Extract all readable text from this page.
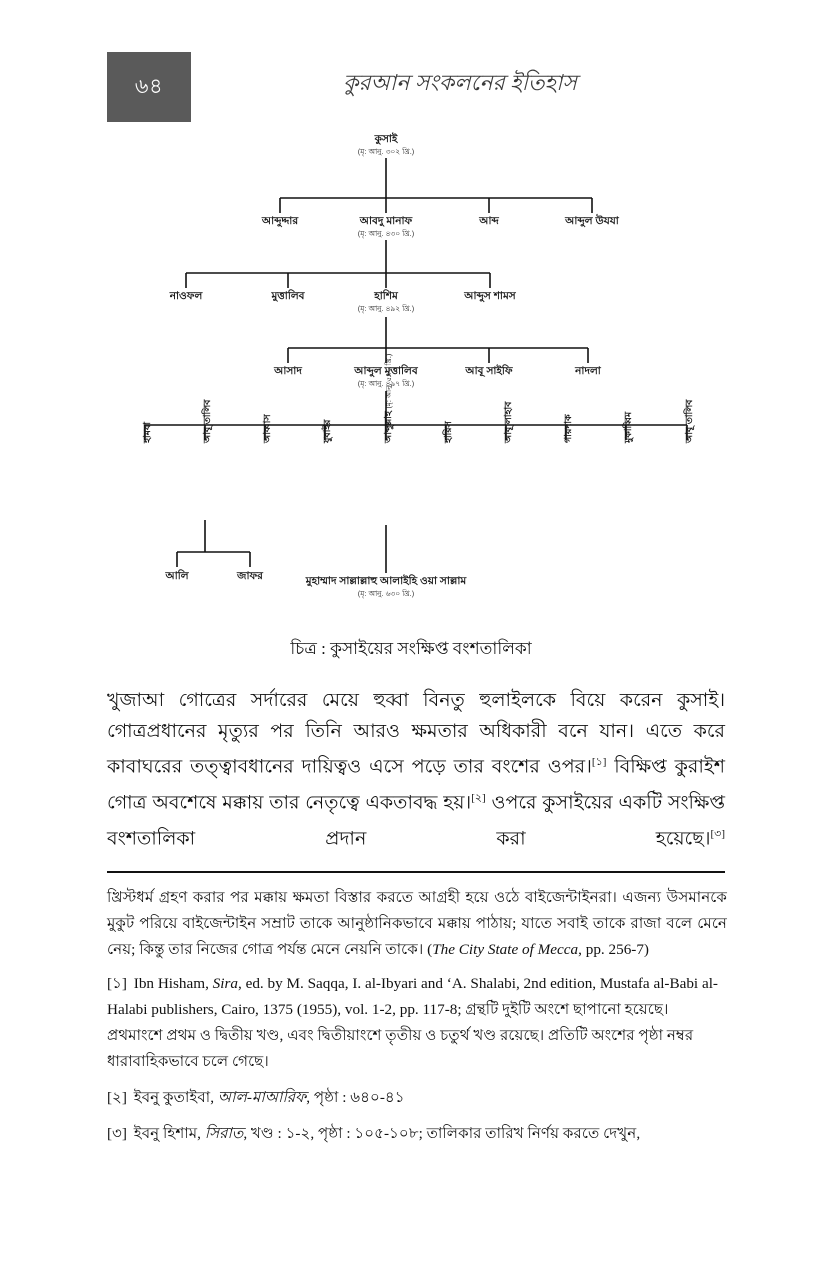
৬৪	কুরআন সংকলনের ইতিহাস
কুসাই
(মৃ: আনু. ৩০২ খ্রি.)
আব্দুদ্দার	আবদু মানাফ
(মৃ: আনু. ৪৩০ খ্রি.)
আব্দ	আব্দুল উযযা
নাওফল	মুত্তালিব	হাশিম
(মৃ: আনু. ৪৯২ খ্রি.)
আব্দুস শামস
আসাদ	আব্দুল মুত্তালিব
(মৃ: আনু. ৪৯৭ খ্রি.)
আবূ সাইফি	নাদলা
হামযা	আবূ তালিব	আব্বাস	যুবাইর	আব্দুল্লাহ (মৃ: আনু. ৫৭০ খ্রি.)
হারিস	আবূ লাহাব	গায়দাক	মুকাব্বিম	আবূ তালিব
আলি	জাফর	মুহাম্মাদ সাল্লাল্লাহু আলাইহি ওয়া সাল্লাম
(মৃ: আনু. ৬৩০ খ্রি.)
চিত্র : কুসাইয়ের সংক্ষিপ্ত বংশতালিকা

খুজাআ গোত্রের সর্দারের মেয়ে হুব্বা বিনতু হুলাইলকে বিয়ে করেন কুসাই। গোত্রপ্রধানের মৃত্যুর পর তিনি আরও ক্ষমতার অধিকারী বনে যান। এতে করে কাবাঘরের তত্ত্বাবধানের দায়িত্বও এসে পড়ে তার বংশের ওপর।[১] বিক্ষিপ্ত কুরাইশ গোত্র অবশেষে মক্কায় তার নেতৃত্বে একতাবদ্ধ হয়।[২] ওপরে কুসাইয়ের একটি সংক্ষিপ্ত বংশতালিকা প্রদান করা হয়েছে।[৩]

খ্রিস্টধর্ম গ্রহণ করার পর মক্কায় ক্ষমতা বিস্তার করতে আগ্রহী হয়ে ওঠে বাইজেন্টাইনরা। এজন্য উসমানকে মুকুট পরিয়ে বাইজেন্টাইন সম্রাট তাকে আনুষ্ঠানিকভাবে মক্কায় পাঠায়; যাতে সবাই তাকে রাজা বলে মেনে নেয়; কিন্তু তার নিজের গোত্র পর্যন্ত মেনে নেয়নি তাকে। (The City State of Mecca, pp. 256-7)
[১] Ibn Hisham, Sira, ed. by M. Saqqa, I. al-Ibyari and ‘A. Shalabi, 2nd edition, Mustafa al-Babi al-Halabi publishers, Cairo, 1375 (1955), vol. 1-2, pp. 117-8; গ্রন্থটি দুইটি অংশে ছাপানো হয়েছে। প্রথমাংশে প্রথম ও দ্বিতীয় খণ্ড, এবং দ্বিতীয়াংশে তৃতীয় ও চতুর্থ খণ্ড রয়েছে। প্রতিটি অংশের পৃষ্ঠা নম্বর ধারাবাহিকভাবে চলে গেছে।
[২] ইবনু কুতাইবা, আল-মাআরিফ, পৃষ্ঠা : ৬৪০-৪১
[৩] ইবনু হিশাম, সিরাত, খণ্ড : ১-২, পৃষ্ঠা : ১০৫-১০৮; তালিকার তারিখ নির্ণয় করতে দেখুন,
